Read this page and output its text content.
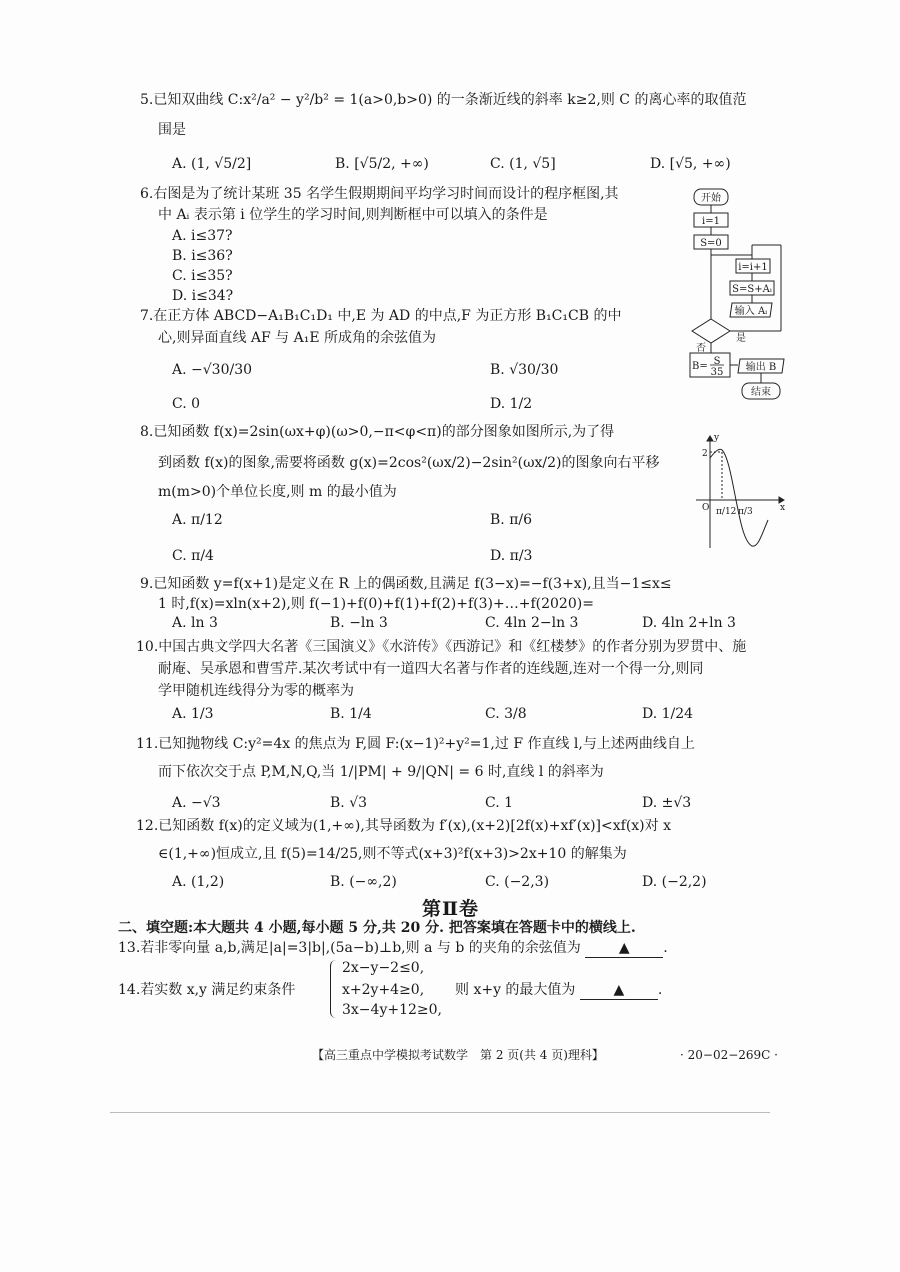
5.已知双曲线 C:x²/a² − y²/b² = 1(a>0,b>0) 的一条渐近线的斜率 k≥2,则 C 的离心率的取值范
围是
A. (1, √5/2]	B. [√5/2, +∞)	C. (1, √5]	D. [√5, +∞)
6.右图是为了统计某班 35 名学生假期期间平均学习时间而设计的程序框图,其
中 Aᵢ 表示第 i 位学生的学习时间,则判断框中可以填入的条件是
A. i≤37?
B. i≤36?
C. i≤35?
D. i≤34?
开始
i=1
S=0
i=i+1
S=S+Aᵢ
输入 Aᵢ
是
否
B= S
35 输出 B
结束
7.在正方体 ABCD−A₁B₁C₁D₁ 中,E 为 AD 的中点,F 为正方形 B₁C₁CB 的中
心,则异面直线 AF 与 A₁E 所成角的余弦值为
A. −√30/30	B. √30/30
C. 0	D. 1/2
8.已知函数 f(x)=2sin(ωx+φ)(ω>0,−π<φ<π)的部分图象如图所示,为了得
到函数 f(x)的图象,需要将函数 g(x)=2cos²(ωx/2)−2sin²(ωx/2)的图象向右平移
m(m>0)个单位长度,则 m 的最小值为
A. π/12	B. π/6
C. π/4	D. π/3
y
x
O
2
π/12 π/3
9.已知函数 y=f(x+1)是定义在 R 上的偶函数,且满足 f(3−x)=−f(3+x),且当−1≤x≤
1 时,f(x)=xln(x+2),则 f(−1)+f(0)+f(1)+f(2)+f(3)+…+f(2020)=
A. ln 3	B. −ln 3	C. 4ln 2−ln 3	D. 4ln 2+ln 3
10.中国古典文学四大名著《三国演义》《水浒传》《西游记》和《红楼梦》的作者分别为罗贯中、施
耐庵、吴承恩和曹雪芹.某次考试中有一道四大名著与作者的连线题,连对一个得一分,则同
学甲随机连线得分为零的概率为
A. 1/3	B. 1/4	C. 3/8	D. 1/24
11.已知抛物线 C:y²=4x 的焦点为 F,圆 F:(x−1)²+y²=1,过 F 作直线 l,与上述两曲线自上
而下依次交于点 P,M,N,Q,当 1/|PM| + 9/|QN| = 6 时,直线 l 的斜率为
A. −√3	B. √3	C. 1	D. ±√3
12.已知函数 f(x)的定义域为(1,+∞),其导函数为 f′(x),(x+2)[2f(x)+xf′(x)]<xf(x)对 x
∈(1,+∞)恒成立,且 f(5)=14/25,则不等式(x+3)²f(x+3)>2x+10 的解集为
A. (1,2)	B. (−∞,2)	C. (−2,3)	D. (−2,2)
第Ⅱ卷
二、填空题:本大题共 4 小题,每小题 5 分,共 20 分. 把答案填在答题卡中的横线上.
13.若非零向量 a,b,满足|a|=3|b|,(5a−b)⊥b,则 a 与 b 的夹角的余弦值为	▲ .
14.若实数 x,y 满足约束条件
2x−y−2≤0,
x+2y+4≥0,
3x−4y+12≥0,
则 x+y 的最大值为	▲ .
【高三重点中学模拟考试数学　第 2 页(共 4 页)理科】	· 20−02−269C ·
